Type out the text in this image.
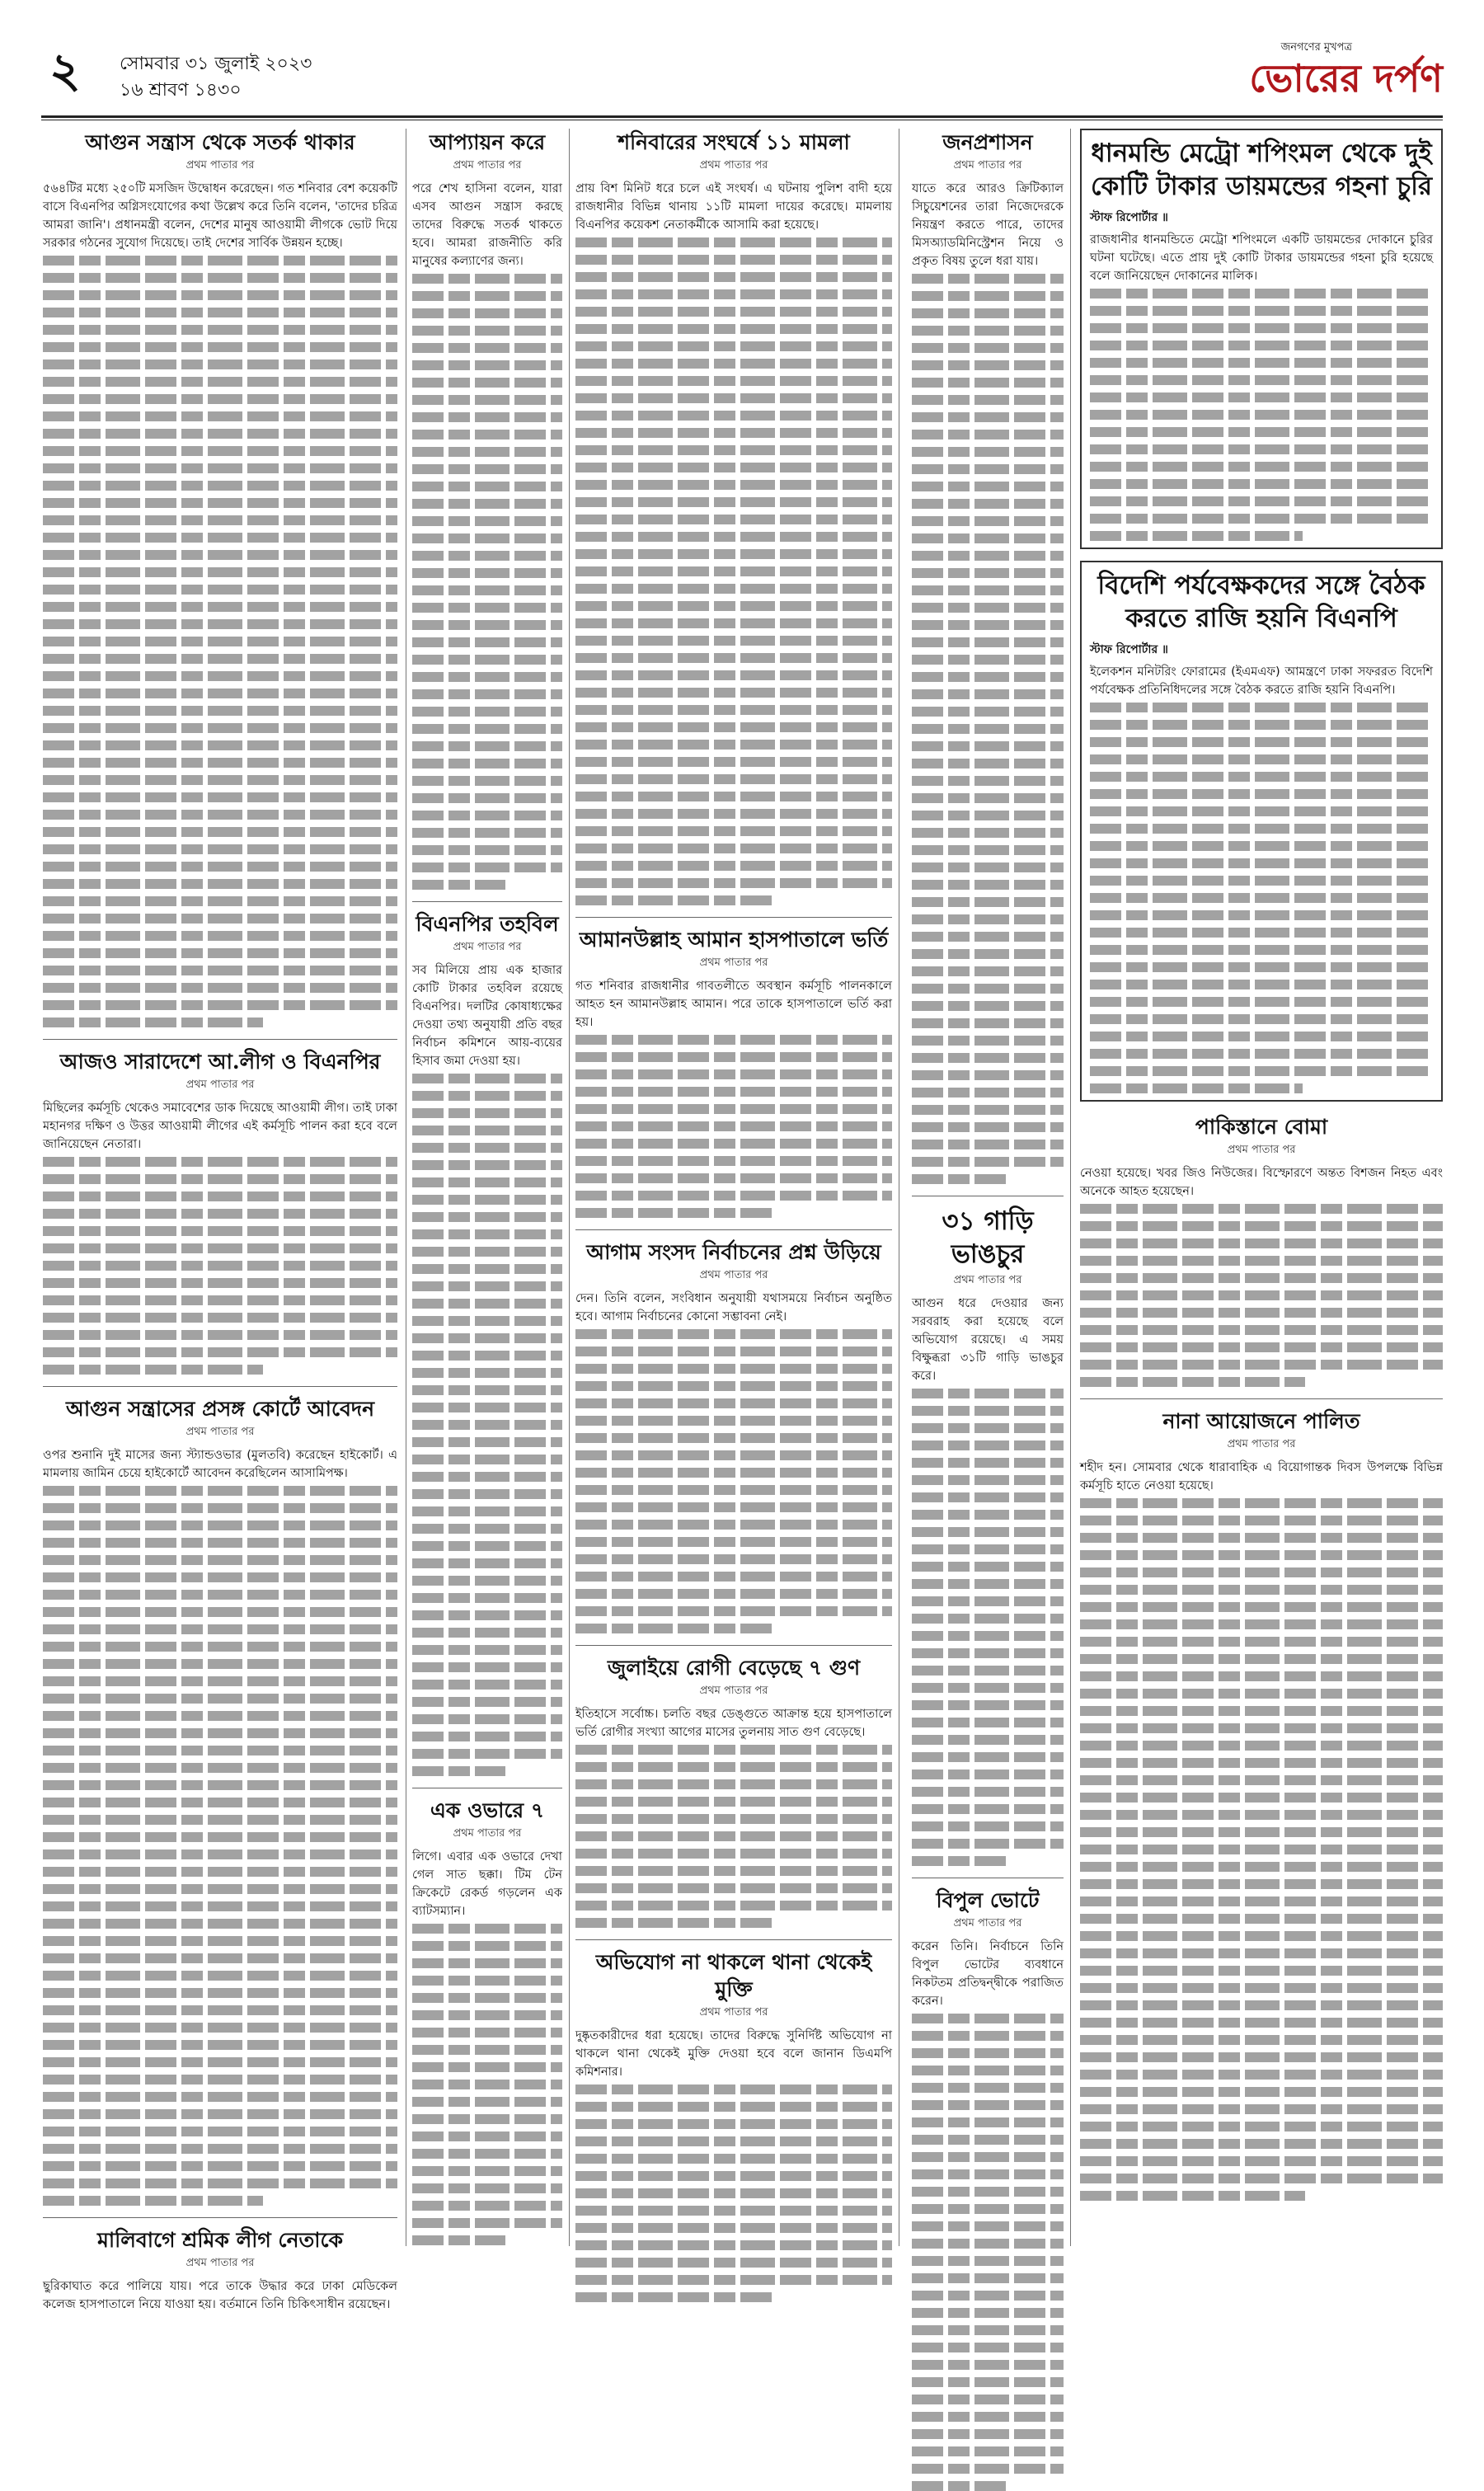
২ সোমবার ৩১ জুলাই ২০২৩
১৬ শ্রাবণ ১৪৩০
জনগণের মুখপত্র
ভোরের দর্পণ
আগুন সন্ত্রাস থেকে সতর্ক থাকার
প্রথম পাতার পর

৫৬৪টির মধ্যে ২৫০টি মসজিদ উদ্বোধন করেছেন। গত শনিবার বেশ কয়েকটি বাসে বিএনপির অগ্নিসংযোগের কথা উল্লেখ করে তিনি বলেন, 'তাদের চরিত্র আমরা জানি'। প্রধানমন্ত্রী বলেন, দেশের মানুষ আওয়ামী লীগকে ভোট দিয়ে সরকার গঠনের সুযোগ দিয়েছে। তাই দেশের সার্বিক উন্নয়ন হচ্ছে।

আজও সারাদেশে আ.লীগ ও বিএনপির
প্রথম পাতার পর

মিছিলের কর্মসূচি থেকেও সমাবেশের ডাক দিয়েছে আওয়ামী লীগ। তাই ঢাকা মহানগর দক্ষিণ ও উত্তর আওয়ামী লীগের এই কর্মসূচি পালন করা হবে বলে জানিয়েছেন নেতারা।

আগুন সন্ত্রাসের প্রসঙ্গ কোর্টে আবেদন
প্রথম পাতার পর

ওপর শুনানি দুই মাসের জন্য স্ট্যান্ডওভার (মুলতবি) করেছেন হাইকোর্ট। এ মামলায় জামিন চেয়ে হাইকোর্টে আবেদন করেছিলেন আসামিপক্ষ।

মালিবাগে শ্রমিক লীগ নেতাকে
প্রথম পাতার পর

ছুরিকাঘাত করে পালিয়ে যায়। পরে তাকে উদ্ধার করে ঢাকা মেডিকেল কলেজ হাসপাতালে নিয়ে যাওয়া হয়। বর্তমানে তিনি চিকিৎসাধীন রয়েছেন।

আপ্যায়ন করে
প্রথম পাতার পর

পরে শেখ হাসিনা বলেন, যারা এসব আগুন সন্ত্রাস করছে তাদের বিরুদ্ধে সতর্ক থাকতে হবে। আমরা রাজনীতি করি মানুষের কল্যাণের জন্য।

বিএনপির তহবিল
প্রথম পাতার পর

সব মিলিয়ে প্রায় এক হাজার কোটি টাকার তহবিল রয়েছে বিএনপির। দলটির কোষাধ্যক্ষের দেওয়া তথ্য অনুযায়ী প্রতি বছর নির্বাচন কমিশনে আয়-ব্যয়ের হিসাব জমা দেওয়া হয়।

এক ওভারে ৭
প্রথম পাতার পর

লিগে। এবার এক ওভারে দেখা গেল সাত ছক্কা। টিম টেন ক্রিকেটে রেকর্ড গড়লেন এক ব্যাটসম্যান।

শনিবারের সংঘর্ষে ১১ মামলা
প্রথম পাতার পর

প্রায় বিশ মিনিট ধরে চলে এই সংঘর্ষ। এ ঘটনায় পুলিশ বাদী হয়ে রাজধানীর বিভিন্ন থানায় ১১টি মামলা দায়ের করেছে। মামলায় বিএনপির কয়েকশ নেতাকর্মীকে আসামি করা হয়েছে।

আমানউল্লাহ আমান হাসপাতালে ভর্তি
প্রথম পাতার পর

গত শনিবার রাজধানীর গাবতলীতে অবস্থান কর্মসূচি পালনকালে আহত হন আমানউল্লাহ আমান। পরে তাকে হাসপাতালে ভর্তি করা হয়।

আগাম সংসদ নির্বাচনের প্রশ্ন উড়িয়ে
প্রথম পাতার পর

দেন। তিনি বলেন, সংবিধান অনুযায়ী যথাসময়ে নির্বাচন অনুষ্ঠিত হবে। আগাম নির্বাচনের কোনো সম্ভাবনা নেই।

জুলাইয়ে রোগী বেড়েছে ৭ গুণ
প্রথম পাতার পর

ইতিহাসে সর্বোচ্চ। চলতি বছর ডেঙ্গুতে আক্রান্ত হয়ে হাসপাতালে ভর্তি রোগীর সংখ্যা আগের মাসের তুলনায় সাত গুণ বেড়েছে।

অভিযোগ না থাকলে থানা থেকেই মুক্তি
প্রথম পাতার পর

দুষ্কৃতকারীদের ধরা হয়েছে। তাদের বিরুদ্ধে সুনির্দিষ্ট অভিযোগ না থাকলে থানা থেকেই মুক্তি দেওয়া হবে বলে জানান ডিএমপি কমিশনার।

জনপ্রশাসন
প্রথম পাতার পর

যাতে করে আরও ক্রিটিক্যাল সিচুয়েশনের তারা নিজেদেরকে নিয়ন্ত্রণ করতে পারে, তাদের মিসঅ্যাডমিনিস্ট্রেশন নিয়ে ও প্রকৃত বিষয় তুলে ধরা যায়।

৩১ গাড়ি ভাঙচুর
প্রথম পাতার পর

আগুন ধরে দেওয়ার জন্য সরবরাহ করা হয়েছে বলে অভিযোগ রয়েছে। এ সময় বিক্ষুব্ধরা ৩১টি গাড়ি ভাঙচুর করে।

বিপুল ভোটে
প্রথম পাতার পর

করেন তিনি। নির্বাচনে তিনি বিপুল ভোটের ব্যবধানে নিকটতম প্রতিদ্বন্দ্বীকে পরাজিত করেন।

ধানমন্ডি মেট্রো শপিংমল থেকে দুই কোটি টাকার ডায়মন্ডের গহনা চুরি
স্টাফ রিপোর্টার ॥

রাজধানীর ধানমন্ডিতে মেট্রো শপিংমলে একটি ডায়মন্ডের দোকানে চুরির ঘটনা ঘটেছে। এতে প্রায় দুই কোটি টাকার ডায়মন্ডের গহনা চুরি হয়েছে বলে জানিয়েছেন দোকানের মালিক।

বিদেশি পর্যবেক্ষকদের সঙ্গে বৈঠক করতে রাজি হয়নি বিএনপি
স্টাফ রিপোর্টার ॥

ইলেকশন মনিটরিং ফোরামের (ইএমএফ) আমন্ত্রণে ঢাকা সফররত বিদেশি পর্যবেক্ষক প্রতিনিধিদলের সঙ্গে বৈঠক করতে রাজি হয়নি বিএনপি।

পাকিস্তানে বোমা
প্রথম পাতার পর

নেওয়া হয়েছে। খবর জিও নিউজের। বিস্ফোরণে অন্তত বিশজন নিহত এবং অনেকে আহত হয়েছেন।

নানা আয়োজনে পালিত
প্রথম পাতার পর

শহীদ হন। সোমবার থেকে ধারাবাহিক এ বিয়োগান্তক দিবস উপলক্ষে বিভিন্ন কর্মসূচি হাতে নেওয়া হয়েছে।
